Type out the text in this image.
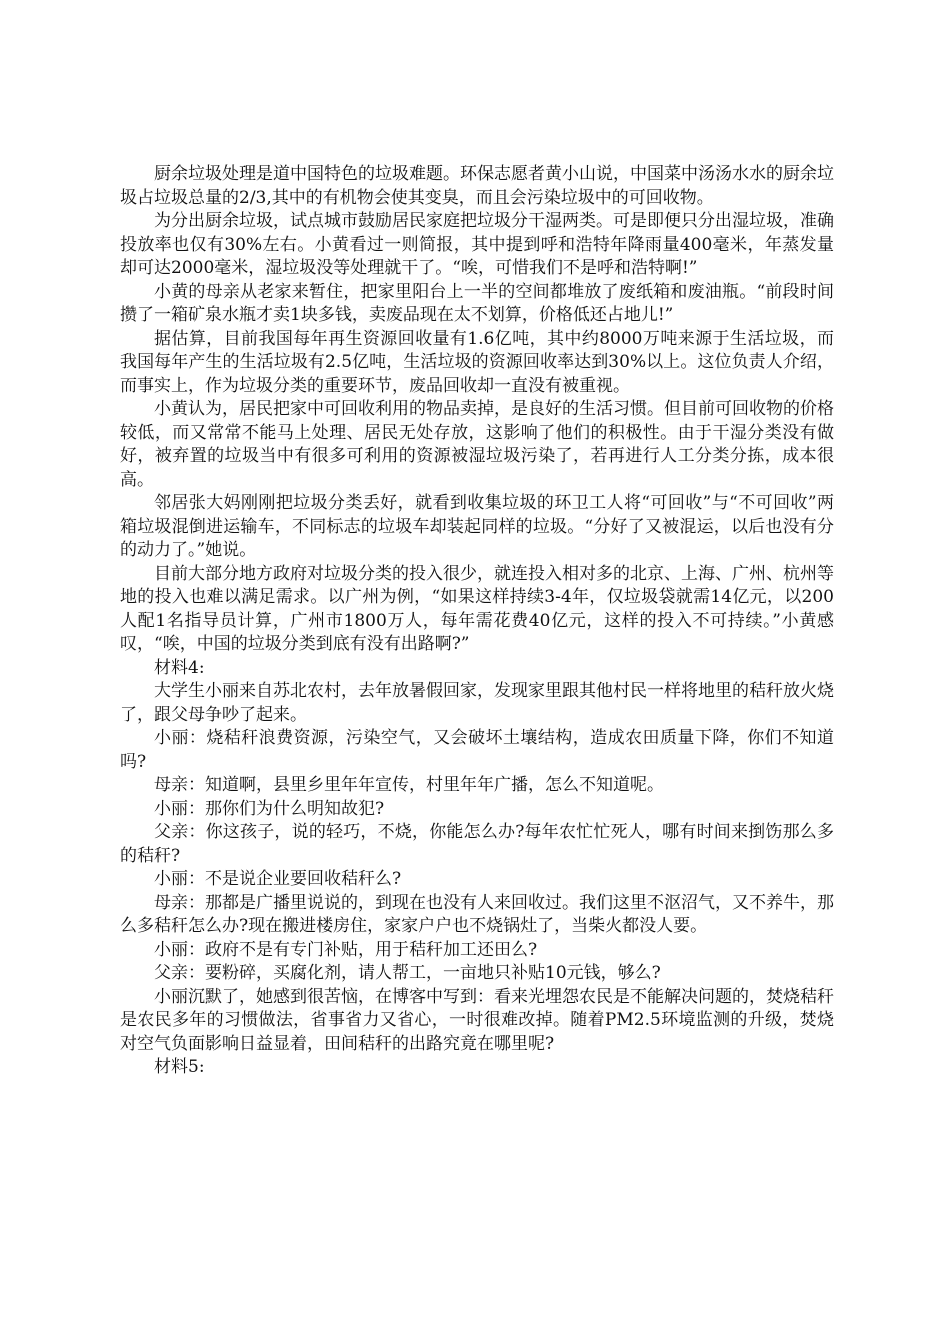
厨余垃圾处理是道中国特色的垃圾难题。环保志愿者黄小山说，中国菜中汤汤水水的厨余垃圾占垃圾总量的2/3,其中的有机物会使其变臭，而且会污染垃圾中的可回收物。

为分出厨余垃圾，试点城市鼓励居民家庭把垃圾分干湿两类。可是即便只分出湿垃圾，准确投放率也仅有30%左右。小黄看过一则简报，其中提到呼和浩特年降雨量400毫米，年蒸发量却可达2000毫米，湿垃圾没等处理就干了。“唉，可惜我们不是呼和浩特啊!”

小黄的母亲从老家来暂住，把家里阳台上一半的空间都堆放了废纸箱和废油瓶。“前段时间攒了一箱矿泉水瓶才卖1块多钱，卖废品现在太不划算，价格低还占地儿!”

据估算，目前我国每年再生资源回收量有1.6亿吨，其中约8000万吨来源于生活垃圾，而我国每年产生的生活垃圾有2.5亿吨，生活垃圾的资源回收率达到30%以上。这位负责人介绍，而事实上，作为垃圾分类的重要环节，废品回收却一直没有被重视。

小黄认为，居民把家中可回收利用的物品卖掉，是良好的生活习惯。但目前可回收物的价格较低，而又常常不能马上处理、居民无处存放，这影响了他们的积极性。由于干湿分类没有做好，被弃置的垃圾当中有很多可利用的资源被湿垃圾污染了，若再进行人工分类分拣，成本很高。

邻居张大妈刚刚把垃圾分类丢好，就看到收集垃圾的环卫工人将“可回收”与“不可回收”两箱垃圾混倒进运输车，不同标志的垃圾车却装起同样的垃圾。“分好了又被混运，以后也没有分的动力了。”她说。

目前大部分地方政府对垃圾分类的投入很少，就连投入相对多的北京、上海、广州、杭州等地的投入也难以满足需求。以广州为例，“如果这样持续3-4年，仅垃圾袋就需14亿元，以200人配1名指导员计算，广州市1800万人，每年需花费40亿元，这样的投入不可持续。”小黄感叹，“唉，中国的垃圾分类到底有没有出路啊?”

材料4:

大学生小丽来自苏北农村，去年放暑假回家，发现家里跟其他村民一样将地里的秸秆放火烧了，跟父母争吵了起来。

小丽：烧秸秆浪费资源，污染空气，又会破坏土壤结构，造成农田质量下降，你们不知道吗?

母亲：知道啊，县里乡里年年宣传，村里年年广播，怎么不知道呢。

小丽：那你们为什么明知故犯?

父亲：你这孩子，说的轻巧，不烧，你能怎么办?每年农忙忙死人，哪有时间来捯饬那么多的秸秆?

小丽：不是说企业要回收秸秆么?

母亲：那都是广播里说说的，到现在也没有人来回收过。我们这里不沤沼气，又不养牛，那么多秸秆怎么办?现在搬进楼房住，家家户户也不烧锅灶了，当柴火都没人要。

小丽：政府不是有专门补贴，用于秸秆加工还田么?

父亲：要粉碎，买腐化剂，请人帮工，一亩地只补贴10元钱，够么?

小丽沉默了，她感到很苦恼，在博客中写到：看来光埋怨农民是不能解决问题的，焚烧秸秆是农民多年的习惯做法，省事省力又省心，一时很难改掉。随着PM2.5环境监测的升级，焚烧对空气负面影响日益显着，田间秸秆的出路究竟在哪里呢?

材料5:
